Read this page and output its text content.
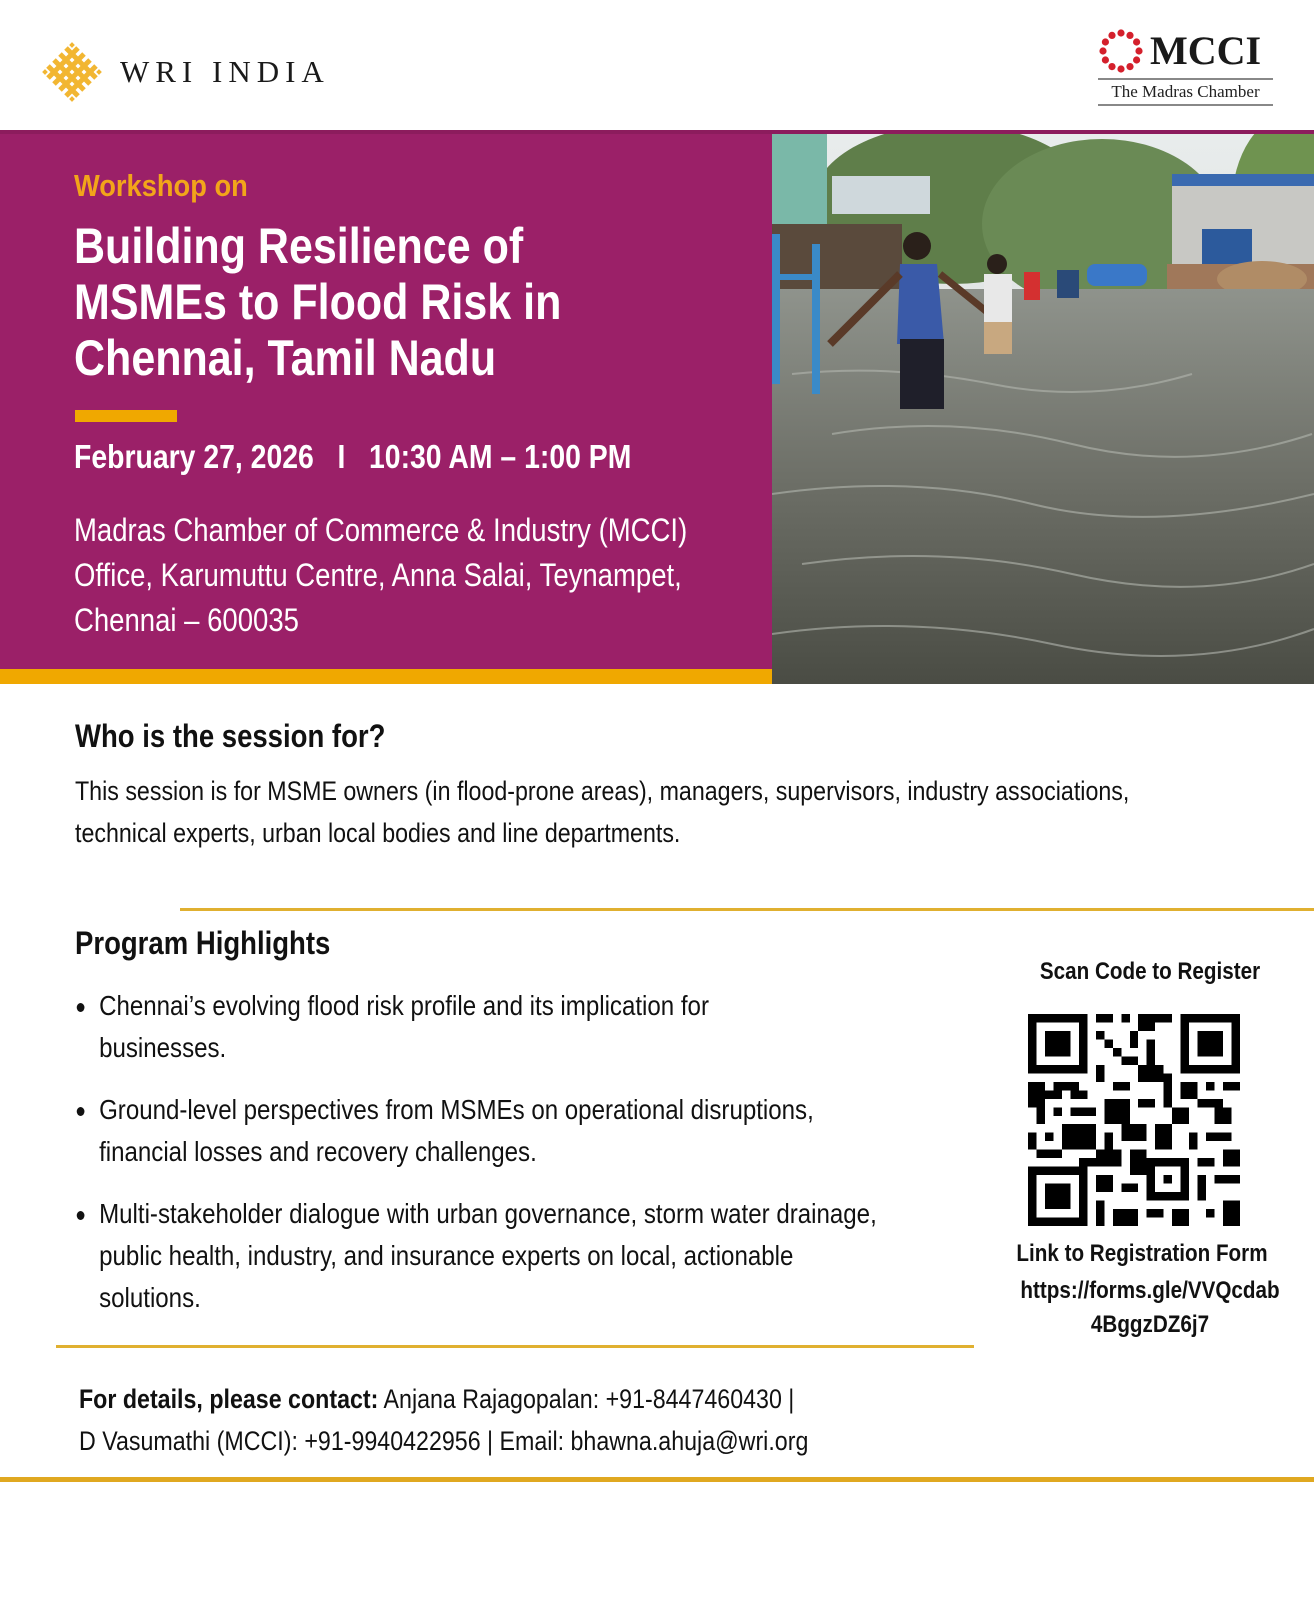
WRI INDIA	MCCI
The Madras Chamber
Workshop on
Building Resilience of MSMEs to Flood Risk in Chennai, Tamil Nadu
February 27, 2026   I   10:30 AM – 1:00 PM
Madras Chamber of Commerce & Industry (MCCI) Office, Karumuttu Centre, Anna Salai, Teynampet, Chennai – 600035
Who is the session for?
This session is for MSME owners (in flood-prone areas), managers, supervisors, industry associations, technical experts, urban local bodies and line departments.
Program Highlights
Chennai’s evolving flood risk profile and its implication for businesses.
Ground-level perspectives from MSMEs on operational disruptions, financial losses and recovery challenges.
Multi-stakeholder dialogue with urban governance, storm water drainage, public health, industry, and insurance experts on local, actionable solutions.
Scan Code to Register
Link to Registration Form
https://forms.gle/VVQcdab
4BggzDZ6j7
For details, please contact: Anjana Rajagopalan: +91-8447460430 |
D Vasumathi (MCCI): +91-9940422956 | Email: bhawna.ahuja@wri.org
